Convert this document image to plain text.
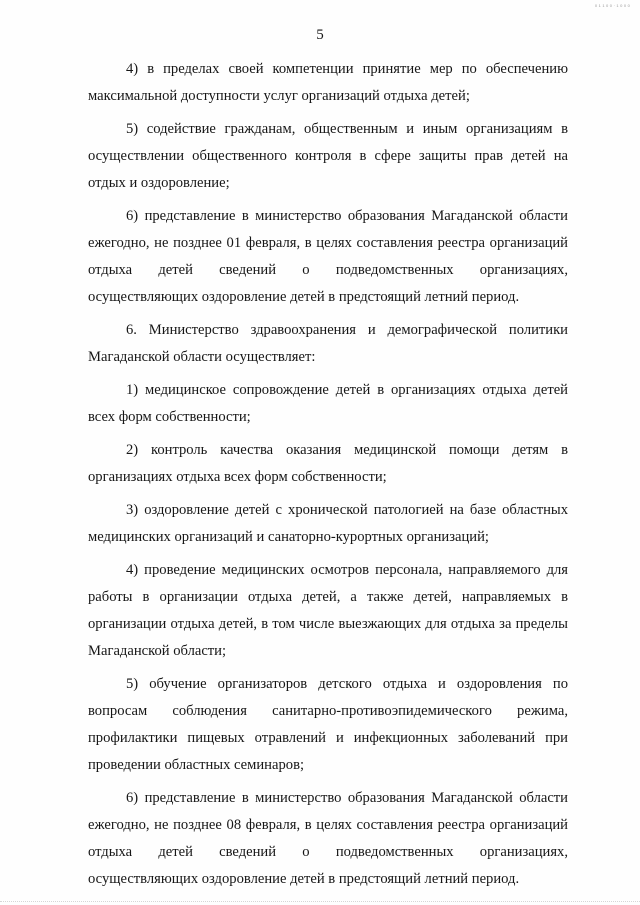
0 1 1 0 0 · 1 0 0 0
5

4) в пределах своей компетенции принятие мер по обеспечению максимальной доступности услуг организаций отдыха детей;

5) содействие гражданам, общественным и иным организациям в осуществлении общественного контроля в сфере защиты прав детей на отдых и оздоровление;

6) представление в министерство образования Магаданской области ежегодно, не позднее 01 февраля, в целях составления реестра организаций отдыха детей сведений о подведомственных организациях, осуществляющих оздоровление детей в предстоящий летний период.

6. Министерство здравоохранения и демографической политики Магаданской области осуществляет:

1) медицинское сопровождение детей в организациях отдыха детей всех форм собственности;

2) контроль качества оказания медицинской помощи детям в организациях отдыха всех форм собственности;

3) оздоровление детей с хронической патологией на базе областных медицинских организаций и санаторно-курортных организаций;

4) проведение медицинских осмотров персонала, направляемого для работы в организации отдыха детей, а также детей, направляемых в организации отдыха детей, в том числе выезжающих для отдыха за пределы Магаданской области;

5) обучение организаторов детского отдыха и оздоровления по вопросам соблюдения санитарно-противоэпидемического режима, профилактики пищевых отравлений и инфекционных заболеваний при проведении областных семинаров;

6) представление в министерство образования Магаданской области ежегодно, не позднее 08 февраля, в целях составления реестра организаций отдыха детей сведений о подведомственных организациях, осуществляющих оздоровление детей в предстоящий летний период.
